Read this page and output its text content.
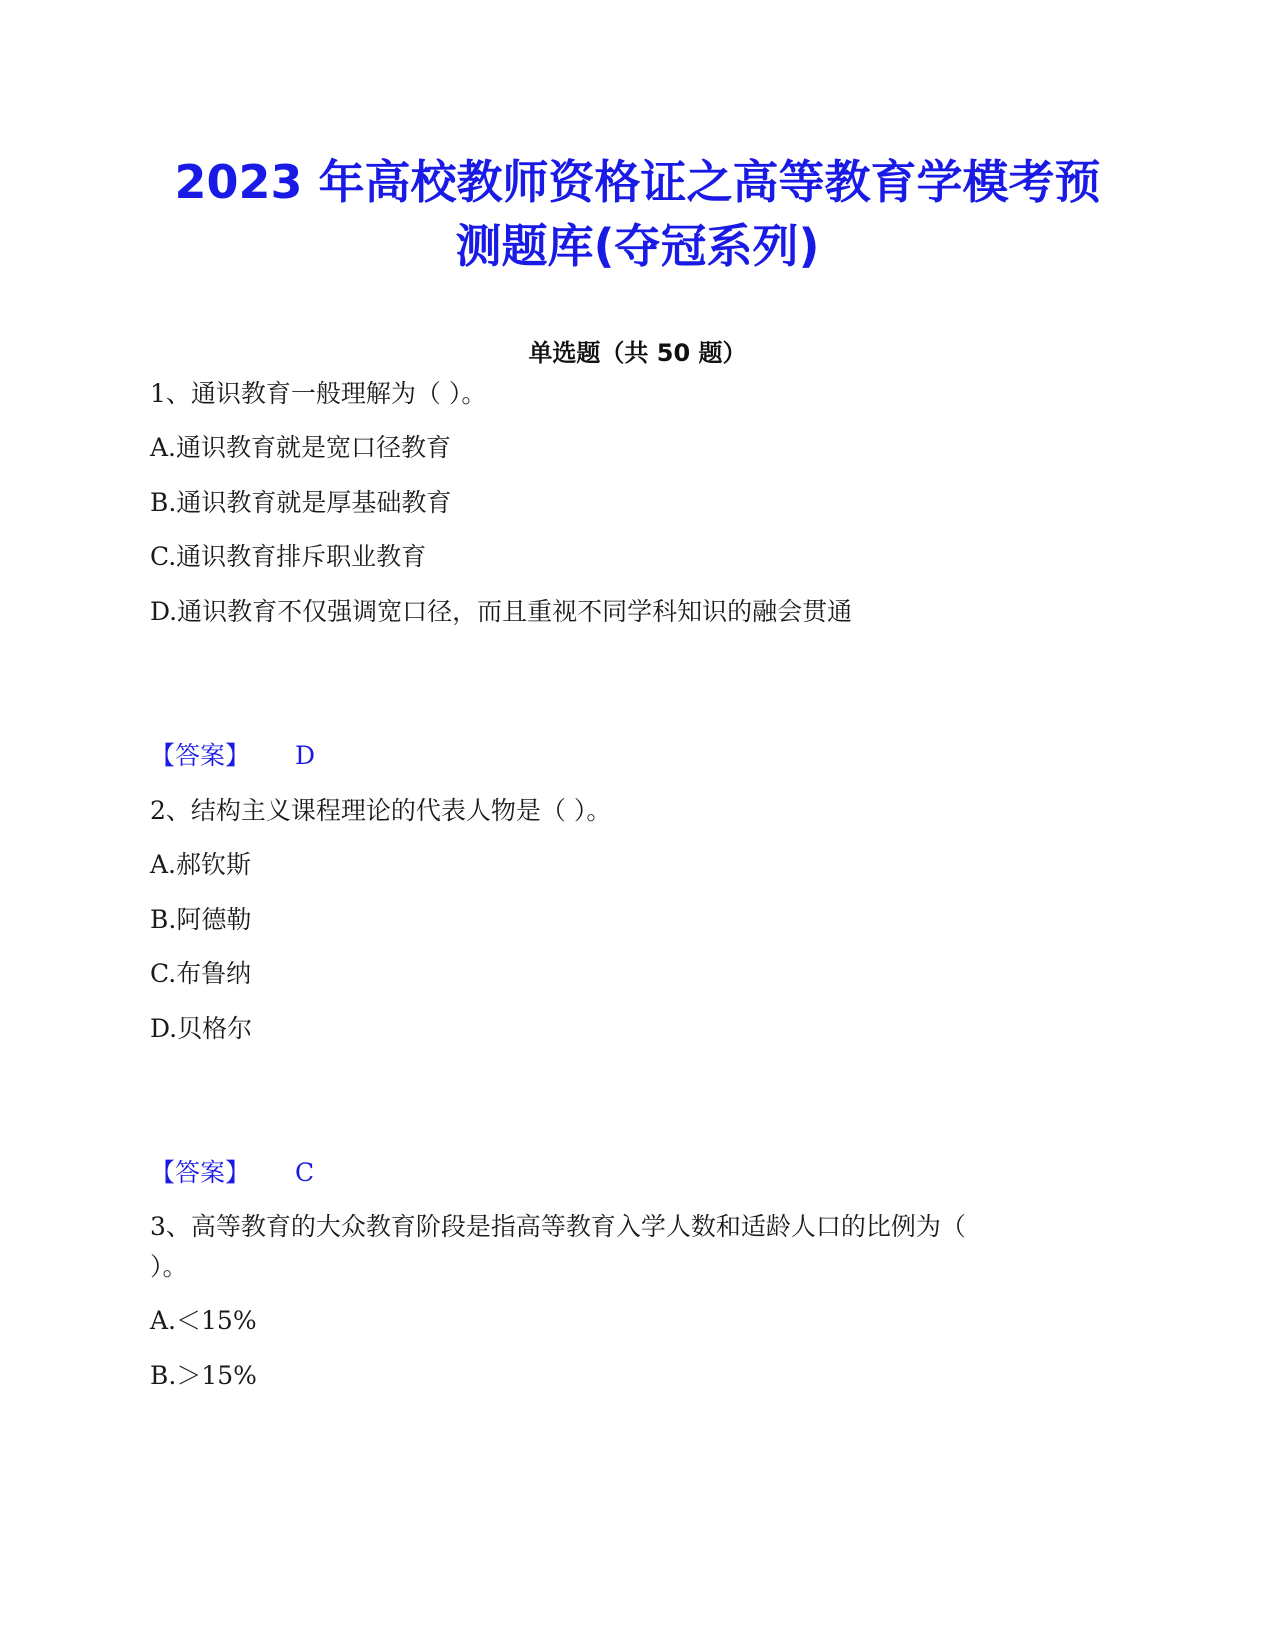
2023 年高校教师资格证之高等教育学模考预
测题库(夺冠系列)
单选题（共 50 题）
1、通识教育一般理解为（ ）。
A.通识教育就是宽口径教育
B.通识教育就是厚基础教育
C.通识教育排斥职业教育
D.通识教育不仅强调宽口径，而且重视不同学科知识的融会贯通
【答案】 D
2、结构主义课程理论的代表人物是（ ）。
A.郝钦斯
B.阿德勒
C.布鲁纳
D.贝格尔
【答案】 C
3、高等教育的大众教育阶段是指高等教育入学人数和适龄人口的比例为（
）。
A.＜15%
B.＞15%
